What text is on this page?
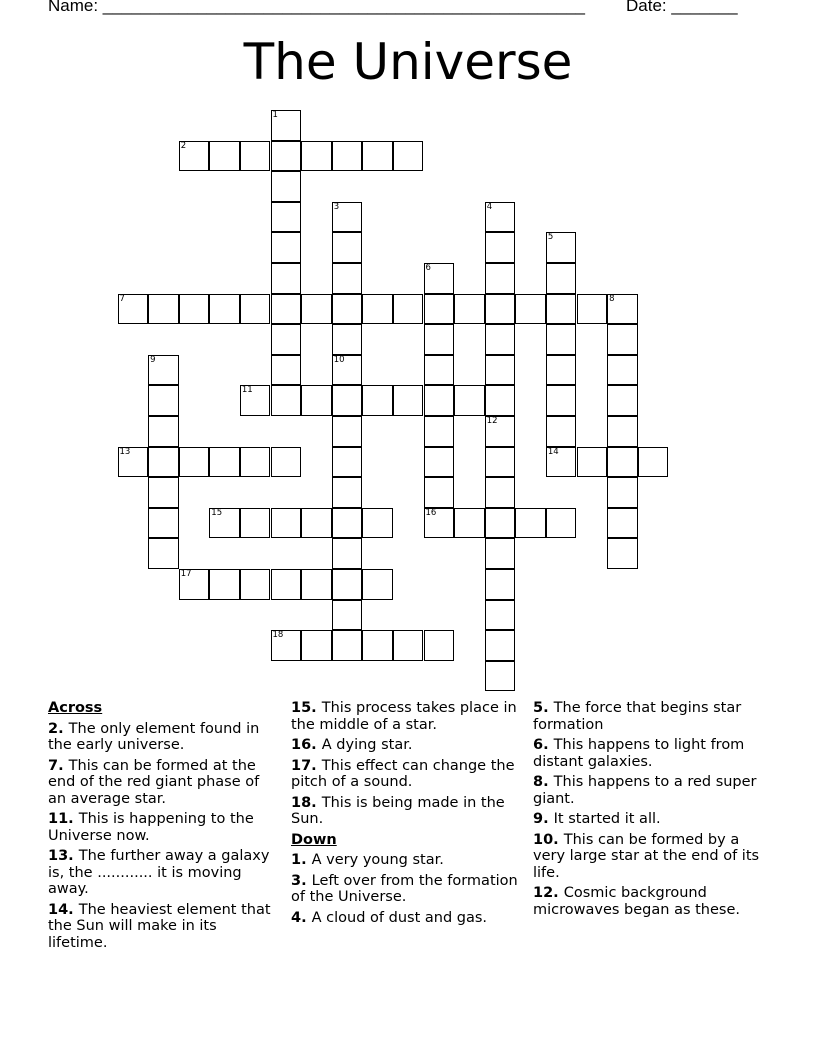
Name: ___________________________________________________ Date: _______
The Universe
2
7	8
11
13	14
15	16
17
18
1
3
10
4
5
6
9
12
Across
2. The only element found in the early universe.
7. This can be formed at the end of the red giant phase of an average star.
11. This is happening to the Universe now.
13. The further away a galaxy is, the ............ it is moving away.
14. The heaviest element that the Sun will make in its lifetime.
15. This process takes place in the middle of a star.
16. A dying star.
17. This effect can change the pitch of a sound.
18. This is being made in the Sun.
Down
1. A very young star.
3. Left over from the formation of the Universe.
4. A cloud of dust and gas.
5. The force that begins star formation
6. This happens to light from distant galaxies.
8. This happens to a red super giant.
9. It started it all.
10. This can be formed by a very large star at the end of its life.
12. Cosmic background microwaves began as these.
